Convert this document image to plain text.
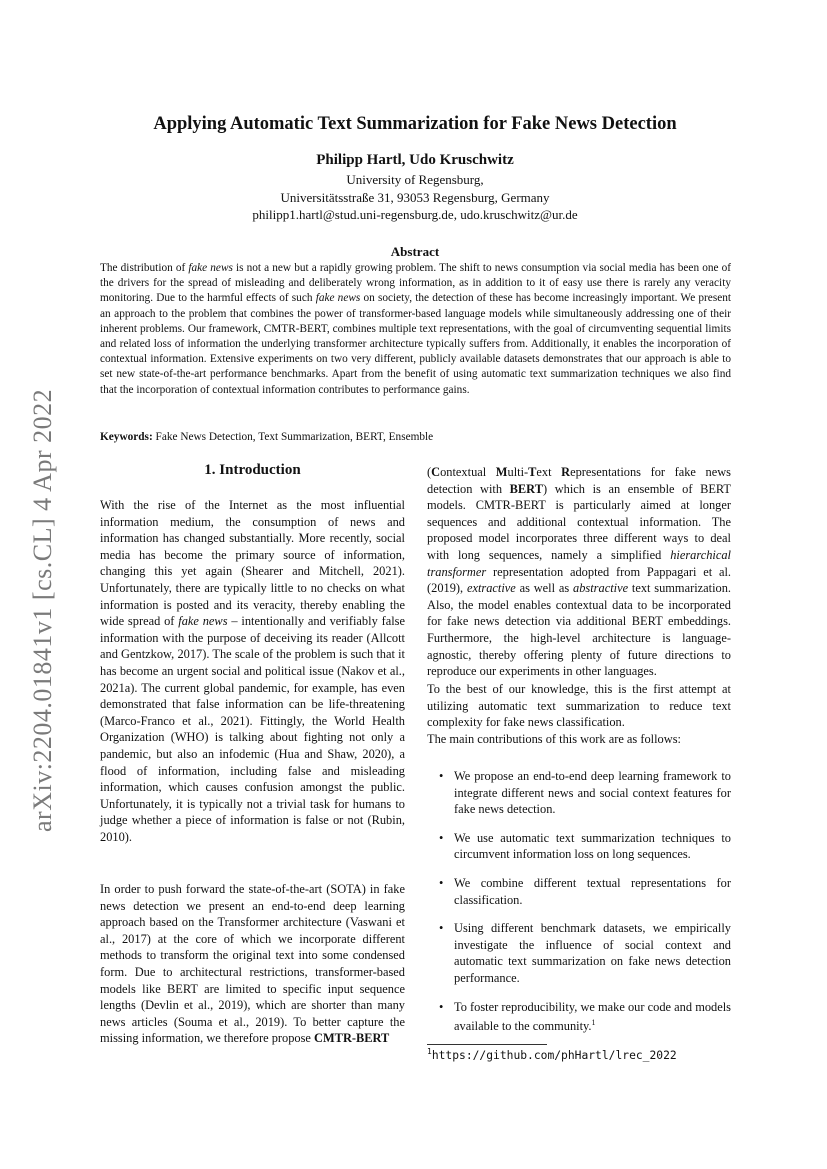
arXiv:2204.01841v1 [cs.CL] 4 Apr 2022
Applying Automatic Text Summarization for Fake News Detection
Philipp Hartl, Udo Kruschwitz
University of Regensburg,
Universitätsstraße 31, 93053 Regensburg, Germany
philipp1.hartl@stud.uni-regensburg.de, udo.kruschwitz@ur.de
Abstract
The distribution of fake news is not a new but a rapidly growing problem. The shift to news consumption via social media has been one of the drivers for the spread of misleading and deliberately wrong information, as in addition to it of easy use there is rarely any veracity monitoring. Due to the harmful effects of such fake news on society, the detection of these has become increasingly important. We present an approach to the problem that combines the power of transformer-based language models while simultaneously addressing one of their inherent problems. Our framework, CMTR-BERT, combines multiple text representations, with the goal of circumventing sequential limits and related loss of information the underlying transformer architecture typically suffers from. Additionally, it enables the incorporation of contextual information. Extensive experiments on two very different, publicly available datasets demonstrates that our approach is able to set new state-of-the-art performance benchmarks. Apart from the benefit of using automatic text summarization techniques we also find that the incorporation of contextual information contributes to performance gains.
Keywords: Fake News Detection, Text Summarization, BERT, Ensemble
1. Introduction

With the rise of the Internet as the most influential information medium, the consumption of news and information has changed substantially. More recently, social media has become the primary source of information, changing this yet again (Shearer and Mitchell, 2021). Unfortunately, there are typically little to no checks on what information is posted and its veracity, thereby enabling the wide spread of fake news – intentionally and verifiably false information with the purpose of deceiving its reader (Allcott and Gentzkow, 2017). The scale of the problem is such that it has become an urgent social and political issue (Nakov et al., 2021a). The current global pandemic, for example, has even demonstrated that false information can be life-threatening (Marco-Franco et al., 2021). Fittingly, the World Health Organization (WHO) is talking about fighting not only a pandemic, but also an infodemic (Hua and Shaw, 2020), a flood of information, including false and misleading information, which causes confusion amongst the public. Unfortunately, it is typically not a trivial task for humans to judge whether a piece of information is false or not (Rubin, 2010).

In order to push forward the state-of-the-art (SOTA) in fake news detection we present an end-to-end deep learning approach based on the Transformer architecture (Vaswani et al., 2017) at the core of which we incorporate different methods to transform the original text into some condensed form. Due to architectural restrictions, transformer-based models like BERT are limited to specific input sequence lengths (Devlin et al., 2019), which are shorter than many news articles (Souma et al., 2019). To better capture the missing information, we therefore propose CMTR-BERT

(Contextual Multi-Text Representations for fake news detection with BERT) which is an ensemble of BERT models. CMTR-BERT is particularly aimed at longer sequences and additional contextual information. The proposed model incorporates three different ways to deal with long sequences, namely a simplified hierarchical transformer representation adopted from Pappagari et al. (2019), extractive as well as abstractive text summarization. Also, the model enables contextual data to be incorporated for fake news detection via additional BERT embeddings. Furthermore, the high-level architecture is language-agnostic, thereby offering plenty of future directions to reproduce our experiments in other languages.

To the best of our knowledge, this is the first attempt at utilizing automatic text summarization to reduce text complexity for fake news classification.

The main contributions of this work are as follows:

• We propose an end-to-end deep learning framework to integrate different news and social context features for fake news detection.
• We use automatic text summarization techniques to circumvent information loss on long sequences.
• We combine different textual representations for classification.
• Using different benchmark datasets, we empirically investigate the influence of social context and automatic text summarization on fake news detection performance.
• To foster reproducibility, we make our code and models available to the community.$^1$
$^1$https://github.com/phHartl/lrec_2022
